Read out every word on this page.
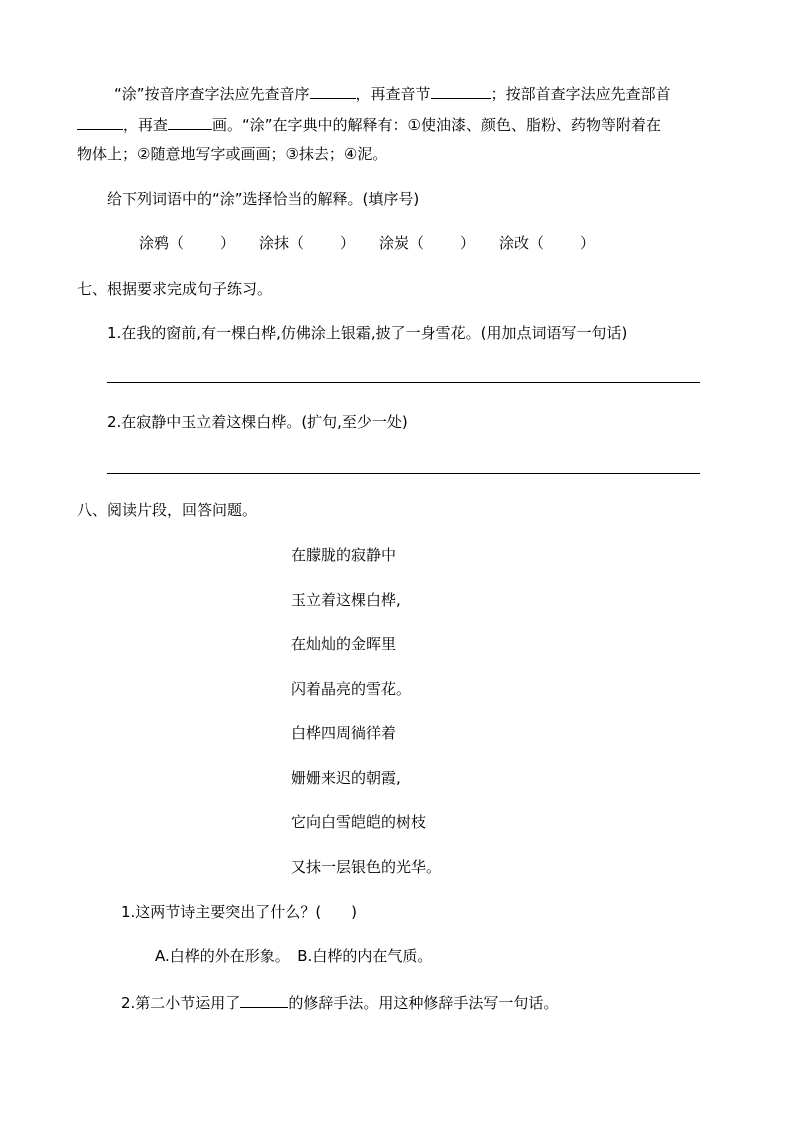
“涂”按音序查字法应先查音序	，再查音节	；按部首查字法应先查部首
，再查	画。“涂”在字典中的解释有：①使油漆、颜色、脂粉、药物等附着在
物体上；②随意地写字或画画；③抹去；④泥。
给下列词语中的“涂”选择恰当的解释。(填序号)
涂鸦（ ） 涂抹（ ） 涂炭（ ） 涂改（ ）
七、根据要求完成句子练习。
1.在我的窗前,有一棵白桦,仿佛涂上银霜,披了一身雪花。(用加点词语写一句话)
2.在寂静中玉立着这棵白桦。(扩句,至少一处)
八、阅读片段，回答问题。
在朦胧的寂静中
玉立着这棵白桦,
在灿灿的金晖里
闪着晶亮的雪花。
白桦四周徜徉着
姗姗来迟的朝霞,
它向白雪皑皑的树枝
又抹一层银色的光华。
1.这两节诗主要突出了什么？(　　)
A.白桦的外在形象。　B.白桦的内在气质。
2.第二小节运用了	的修辞手法。用这种修辞手法写一句话。
